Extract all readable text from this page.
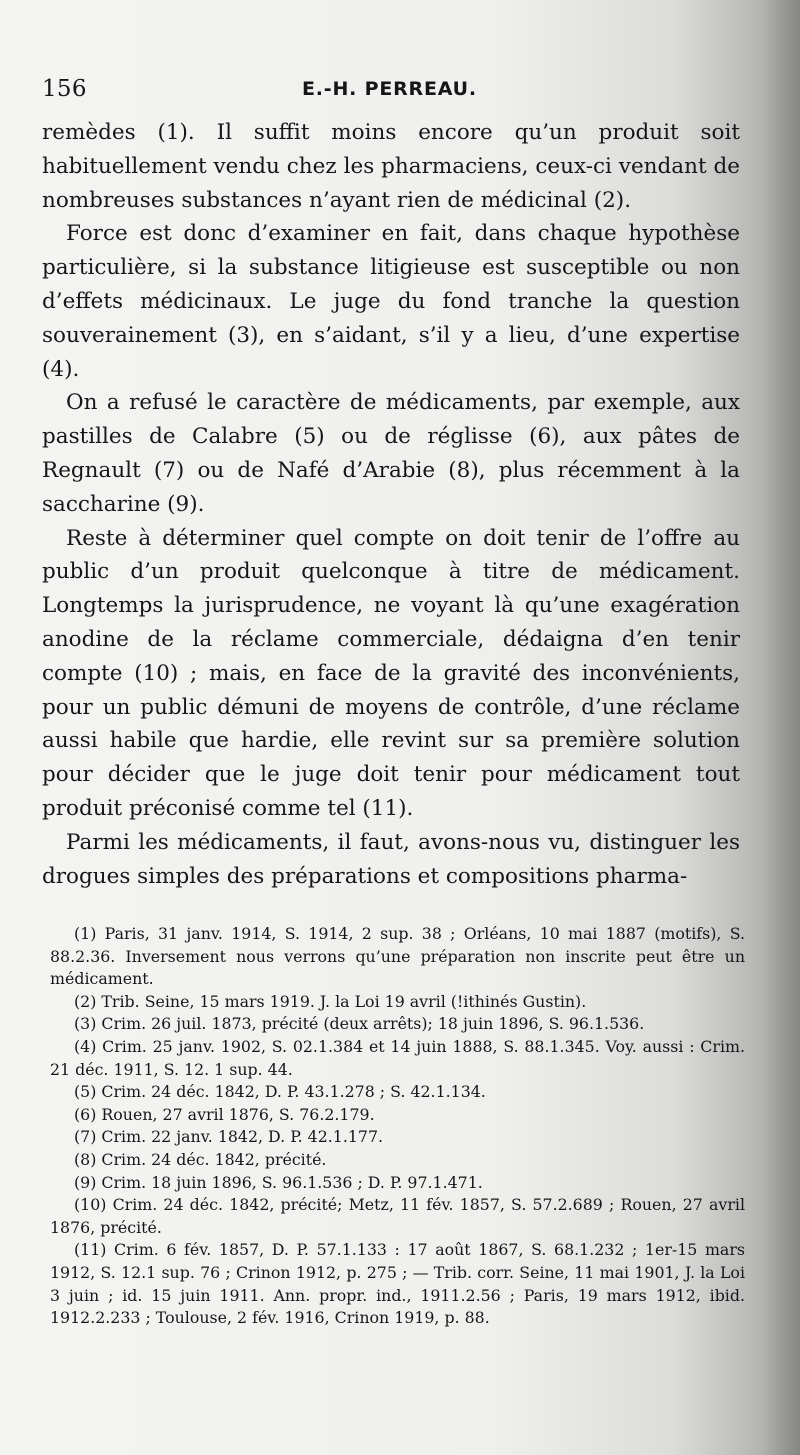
156	E.-H. PERREAU.

remèdes (1). Il suffit moins encore qu’un produit soit habituellement vendu chez les pharmaciens, ceux-ci vendant de nombreuses substances n’ayant rien de médicinal (2).

Force est donc d’examiner en fait, dans chaque hypothèse particulière, si la substance litigieuse est susceptible ou non d’effets médicinaux. Le juge du fond tranche la question souverainement (3), en s’aidant, s’il y a lieu, d’une expertise (4).

On a refusé le caractère de médicaments, par exemple, aux pastilles de Calabre (5) ou de réglisse (6), aux pâtes de Regnault (7) ou de Nafé d’Arabie (8), plus récemment à la saccharine (9).

Reste à déterminer quel compte on doit tenir de l’offre au public d’un produit quelconque à titre de médicament. Longtemps la jurisprudence, ne voyant là qu’une exagération anodine de la réclame commerciale, dédaigna d’en tenir compte (10) ; mais, en face de la gravité des inconvénients, pour un public démuni de moyens de contrôle, d’une réclame aussi habile que hardie, elle revint sur sa première solution pour décider que le juge doit tenir pour médicament tout produit préconisé comme tel (11).

Parmi les médicaments, il faut, avons-nous vu, distinguer les drogues simples des préparations et compositions pharma-

(1) Paris, 31 janv. 1914, S. 1914, 2 sup. 38 ; Orléans, 10 mai 1887 (motifs), S. 88.2.36. Inversement nous verrons qu’une préparation non inscrite peut être un médicament.

(2) Trib. Seine, 15 mars 1919. J. la Loi 19 avril (!ithinés Gustin).

(3) Crim. 26 juil. 1873, précité (deux arrêts); 18 juin 1896, S. 96.1.536.

(4) Crim. 25 janv. 1902, S. 02.1.384 et 14 juin 1888, S. 88.1.345. Voy. aussi : Crim. 21 déc. 1911, S. 12. 1 sup. 44.

(5) Crim. 24 déc. 1842, D. P. 43.1.278 ; S. 42.1.134.

(6) Rouen, 27 avril 1876, S. 76.2.179.

(7) Crim. 22 janv. 1842, D. P. 42.1.177.

(8) Crim. 24 déc. 1842, précité.

(9) Crim. 18 juin 1896, S. 96.1.536 ; D. P. 97.1.471.

(10) Crim. 24 déc. 1842, précité; Metz, 11 fév. 1857, S. 57.2.689 ; Rouen, 27 avril 1876, précité.

(11) Crim. 6 fév. 1857, D. P. 57.1.133 : 17 août 1867, S. 68.1.232 ; 1er-15 mars 1912, S. 12.1 sup. 76 ; Crinon 1912, p. 275 ; — Trib. corr. Seine, 11 mai 1901, J. la Loi 3 juin ; id. 15 juin 1911. Ann. propr. ind., 1911.2.56 ; Paris, 19 mars 1912, ibid. 1912.2.233 ; Toulouse, 2 fév. 1916, Crinon 1919, p. 88.
